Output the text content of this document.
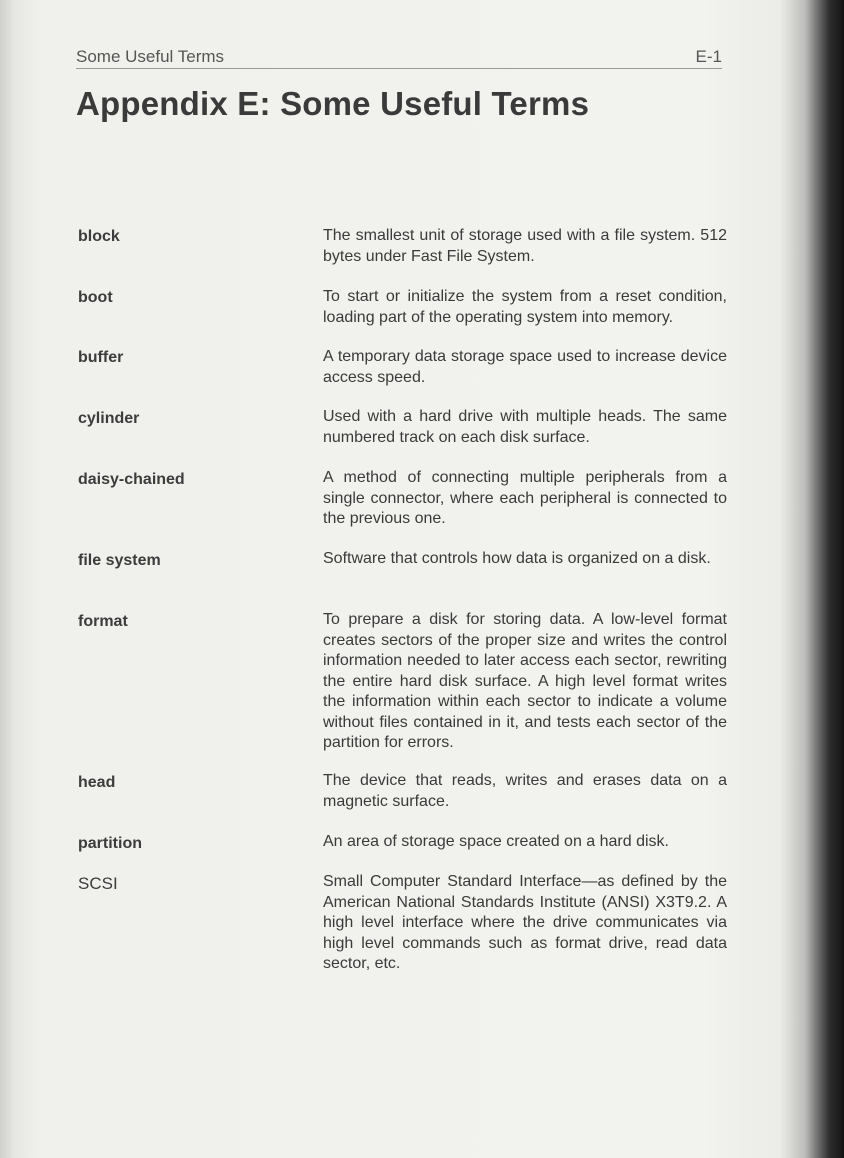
Some Useful Terms	E-1
Appendix E: Some Useful Terms
block	The smallest unit of storage used with a file system. 512 bytes under Fast File System.
boot	To start or initialize the system from a reset condition, loading part of the operating system into memory.
buffer	A temporary data storage space used to increase device access speed.
cylinder	Used with a hard drive with multiple heads. The same numbered track on each disk surface.
daisy-chained	A method of connecting multiple peripherals from a single connector, where each peripheral is connected to the previous one.
file system	Software that controls how data is organized on a disk.
format	To prepare a disk for storing data. A low-level format creates sectors of the proper size and writes the control information needed to later access each sector, rewriting the entire hard disk surface. A high level format writes the information within each sector to indicate a volume without files contained in it, and tests each sector of the partition for errors.
head	The device that reads, writes and erases data on a magnetic surface.
partition	An area of storage space created on a hard disk.
SCSI	Small Computer Standard Interface—as defined by the American National Standards Institute (ANSI) X3T9.2. A high level interface where the drive communicates via high level commands such as format drive, read data sector, etc.
